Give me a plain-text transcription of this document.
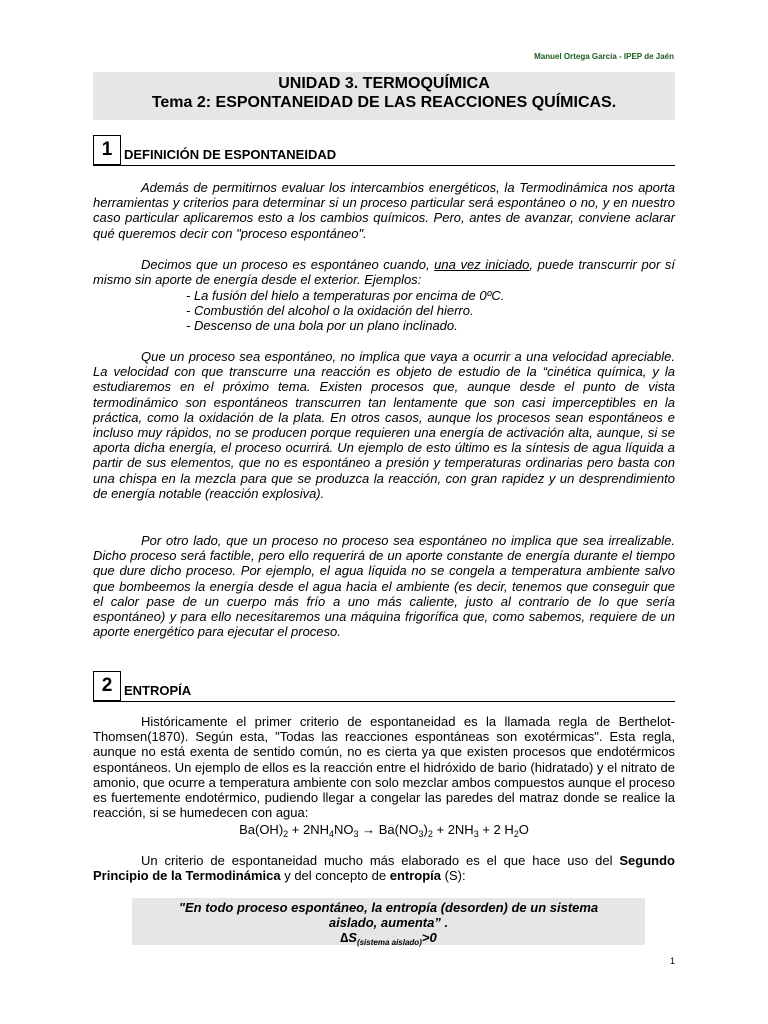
Manuel Ortega García - IPEP de Jaén
UNIDAD 3. TERMOQUÍMICA
Tema 2: ESPONTANEIDAD DE LAS REACCIONES QUÍMICAS.
1 DEFINICIÓN DE ESPONTANEIDAD

Además de permitirnos evaluar los intercambios energéticos, la Termodinámica nos aporta herramientas y criterios para determinar si un proceso particular será espontáneo o no, y en nuestro caso particular aplicaremos esto a los cambios químicos. Pero, antes de avanzar, conviene aclarar qué queremos decir con "proceso espontáneo".

Decimos que un proceso es espontáneo cuando, una vez iniciado, puede transcurrir por sí mismo sin aporte de energía desde el exterior. Ejemplos:

- La fusión del hielo a temperaturas por encima de 0ºC.

- Combustión del alcohol o la oxidación del hierro.

- Descenso de una bola por un plano inclinado.

Que un proceso sea espontáneo, no implica que vaya a ocurrir a una velocidad apreciable. La velocidad con que transcurre una reacción es objeto de estudio de la “cinética química, y la estudiaremos en el próximo tema. Existen procesos que, aunque desde el punto de vista termodinámico son espontáneos transcurren tan lentamente que son casi imperceptibles en la práctica, como la oxidación de la plata. En otros casos, aunque los procesos sean espontáneos e incluso muy rápidos, no se producen porque requieren una energía de activación alta, aunque, si se aporta dicha energía, el proceso ocurrirá. Un ejemplo de esto último es la síntesis de agua líquida a partir de sus elementos, que no es espontáneo a presión y temperaturas ordinarias pero basta con una chispa en la mezcla para que se produzca la reacción, con gran rapidez y un desprendimiento de energía notable (reacción explosiva).

Por otro lado, que un proceso no proceso sea espontáneo no implica que sea irrealizable. Dicho proceso será factible, pero ello requerirá de un aporte constante de energía durante el tiempo que dure dicho proceso. Por ejemplo, el agua líquida no se congela a temperatura ambiente salvo que bombeemos la energía desde el agua hacia el ambiente (es decir, tenemos que conseguir que el calor pase de un cuerpo más frío a uno más caliente, justo al contrario de lo que sería espontáneo) y para ello necesitaremos una máquina frigorífica que, como sabemos, requiere de un aporte energético para ejecutar el proceso.

2 ENTROPÍA

Históricamente el primer criterio de espontaneidad es la llamada regla de Berthelot-Thomsen(1870). Según esta, "Todas las reacciones espontáneas son exotérmicas". Esta regla, aunque no está exenta de sentido común, no es cierta ya que existen procesos que endotérmicos espontáneos. Un ejemplo de ellos es la reacción entre el hidróxido de bario (hidratado) y el nitrato de amonio, que ocurre a temperatura ambiente con solo mezclar ambos compuestos aunque el proceso es fuertemente endotérmico, pudiendo llegar a congelar las paredes del matraz donde se realice la reacción, si se humedecen con agua:

$Ba(OH)_2 + 2NH_4NO_3 \to Ba(NO_3)_2 + 2NH_3 + 2$ $H_2O$

Un criterio de espontaneidad mucho más elaborado es el que hace uso del Segundo Principio de la Termodinámica y del concepto de entropía (S):

"En todo proceso espontáneo, la entropía (desorden) de un sistema
aislado, aumenta” .
$\Delta S_{(sistema aislado)}>0$
1
